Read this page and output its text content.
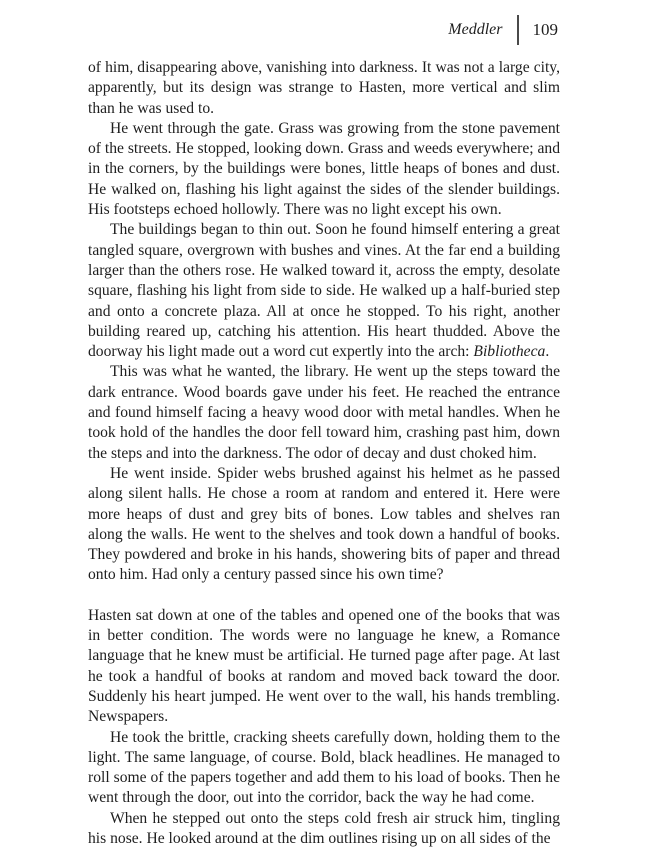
Meddler 109

of him, disappearing above, vanishing into darkness. It was not a large city, apparently, but its design was strange to Hasten, more vertical and slim than he was used to.

He went through the gate. Grass was growing from the stone pavement of the streets. He stopped, looking down. Grass and weeds everywhere; and in the corners, by the buildings were bones, little heaps of bones and dust. He walked on, flashing his light against the sides of the slender buildings. His footsteps echoed hollowly. There was no light except his own.

The buildings began to thin out. Soon he found himself entering a great tangled square, overgrown with bushes and vines. At the far end a building larger than the others rose. He walked toward it, across the empty, desolate square, flashing his light from side to side. He walked up a half-buried step and onto a concrete plaza. All at once he stopped. To his right, another building reared up, catching his attention. His heart thudded. Above the doorway his light made out a word cut expertly into the arch: Bibliotheca.

This was what he wanted, the library. He went up the steps toward the dark entrance. Wood boards gave under his feet. He reached the entrance and found himself facing a heavy wood door with metal handles. When he took hold of the handles the door fell toward him, crashing past him, down the steps and into the darkness. The odor of decay and dust choked him.

He went inside. Spider webs brushed against his helmet as he passed along silent halls. He chose a room at random and entered it. Here were more heaps of dust and grey bits of bones. Low tables and shelves ran along the walls. He went to the shelves and took down a handful of books. They powdered and broke in his hands, showering bits of paper and thread onto him. Had only a century passed since his own time?

Hasten sat down at one of the tables and opened one of the books that was in better condition. The words were no language he knew, a Romance language that he knew must be artificial. He turned page after page. At last he took a handful of books at random and moved back toward the door. Suddenly his heart jumped. He went over to the wall, his hands trembling. Newspapers.

He took the brittle, cracking sheets carefully down, holding them to the light. The same language, of course. Bold, black headlines. He managed to roll some of the papers together and add them to his load of books. Then he went through the door, out into the corridor, back the way he had come.

When he stepped out onto the steps cold fresh air struck him, tingling his nose. He looked around at the dim outlines rising up on all sides of the
